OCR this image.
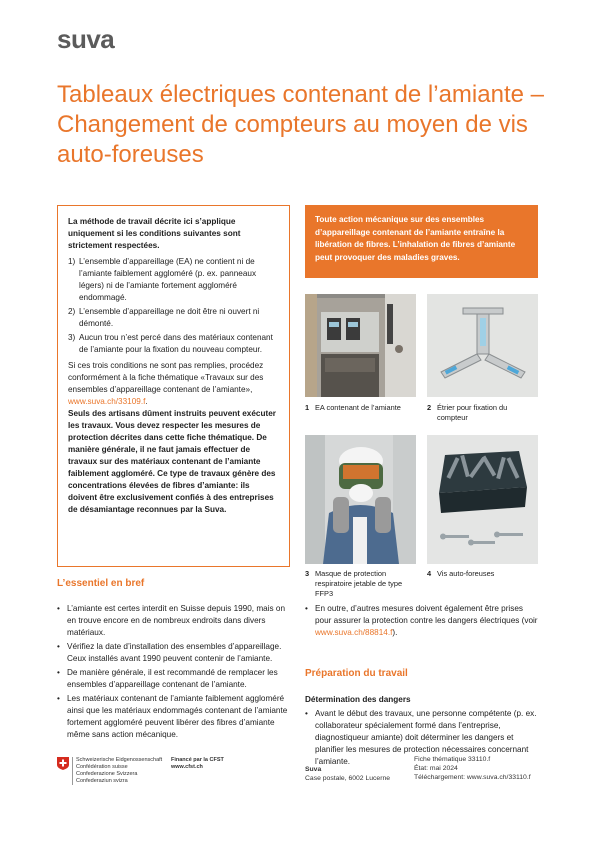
suva
Tableaux électriques contenant de l’amiante – Changement de compteurs au moyen de vis auto-foreuses

La méthode de travail décrite ici s’applique uniquement si les conditions suivantes sont strictement respectées.

1) L’ensemble d’appareillage (EA) ne contient ni de l’amiante faiblement aggloméré (p. ex. panneaux légers) ni de l’amiante fortement aggloméré endommagé.
2) L’ensemble d’appareillage ne doit être ni ouvert ni démonté.
3) Aucun trou n’est percé dans des matériaux contenant de l’amiante pour la fixation du nouveau compteur.

Si ces trois conditions ne sont pas remplies, procédez conformément à la fiche thématique «Travaux sur des ensembles d’appareillage contenant de l’amiante», www.suva.ch/33109.f.

Seuls des artisans dûment instruits peuvent exécuter les travaux. Vous devez respecter les mesures de protection décrites dans cette fiche thématique. De manière générale, il ne faut jamais effectuer de travaux sur des matériaux contenant de l’amiante faiblement aggloméré. Ce type de travaux génère des concentrations élevées de fibres d’amiante: ils doivent être exclusivement confiés à des entreprises de désamiantage reconnues par la Suva.

Toute action mécanique sur des ensembles d’appareillage contenant de l’amiante entraîne la libération de fibres. L’inhalation de fibres d’amiante peut provoquer des maladies graves.
1 EA contenant de l’amiante	2 Étrier pour fixation du compteur
3 Masque de protection respiratoire jetable de type FFP3
4 Vis auto-foreuses
L’essentiel en bref
• L’amiante est certes interdit en Suisse depuis 1990, mais on en trouve encore en de nombreux endroits dans divers matériaux.
• Vérifiez la date d’installation des ensembles d’appareillage. Ceux installés avant 1990 peuvent contenir de l’amiante.
• De manière générale, il est recommandé de remplacer les ensembles d’appareillage contenant de l’amiante.
• Les matériaux contenant de l’amiante faiblement aggloméré ainsi que les matériaux endommagés contenant de l’amiante fortement aggloméré peuvent libérer des fibres d’amiante même sans action mécanique.
• En outre, d’autres mesures doivent également être prises pour assurer la protection contre les dangers électriques (voir www.suva.ch/88814.f).
Préparation du travail
Détermination des dangers
• Avant le début des travaux, une personne compétente (p. ex. collaborateur spécialement formé dans l’entreprise, diagnostiqueur amiante) doit déterminer les dangers et planifier les mesures de protection nécessaires concernant l’amiante.
Schweizerische Eidgenossenschaft
Confédération suisse
Confederazione Svizzera
Confederaziun svizra
Financé par la CFST
www.cfst.ch	Suva
Case postale, 6002 Lucerne
Fiche thématique 33110.f
État: mai 2024
Téléchargement: www.suva.ch/33110.f
